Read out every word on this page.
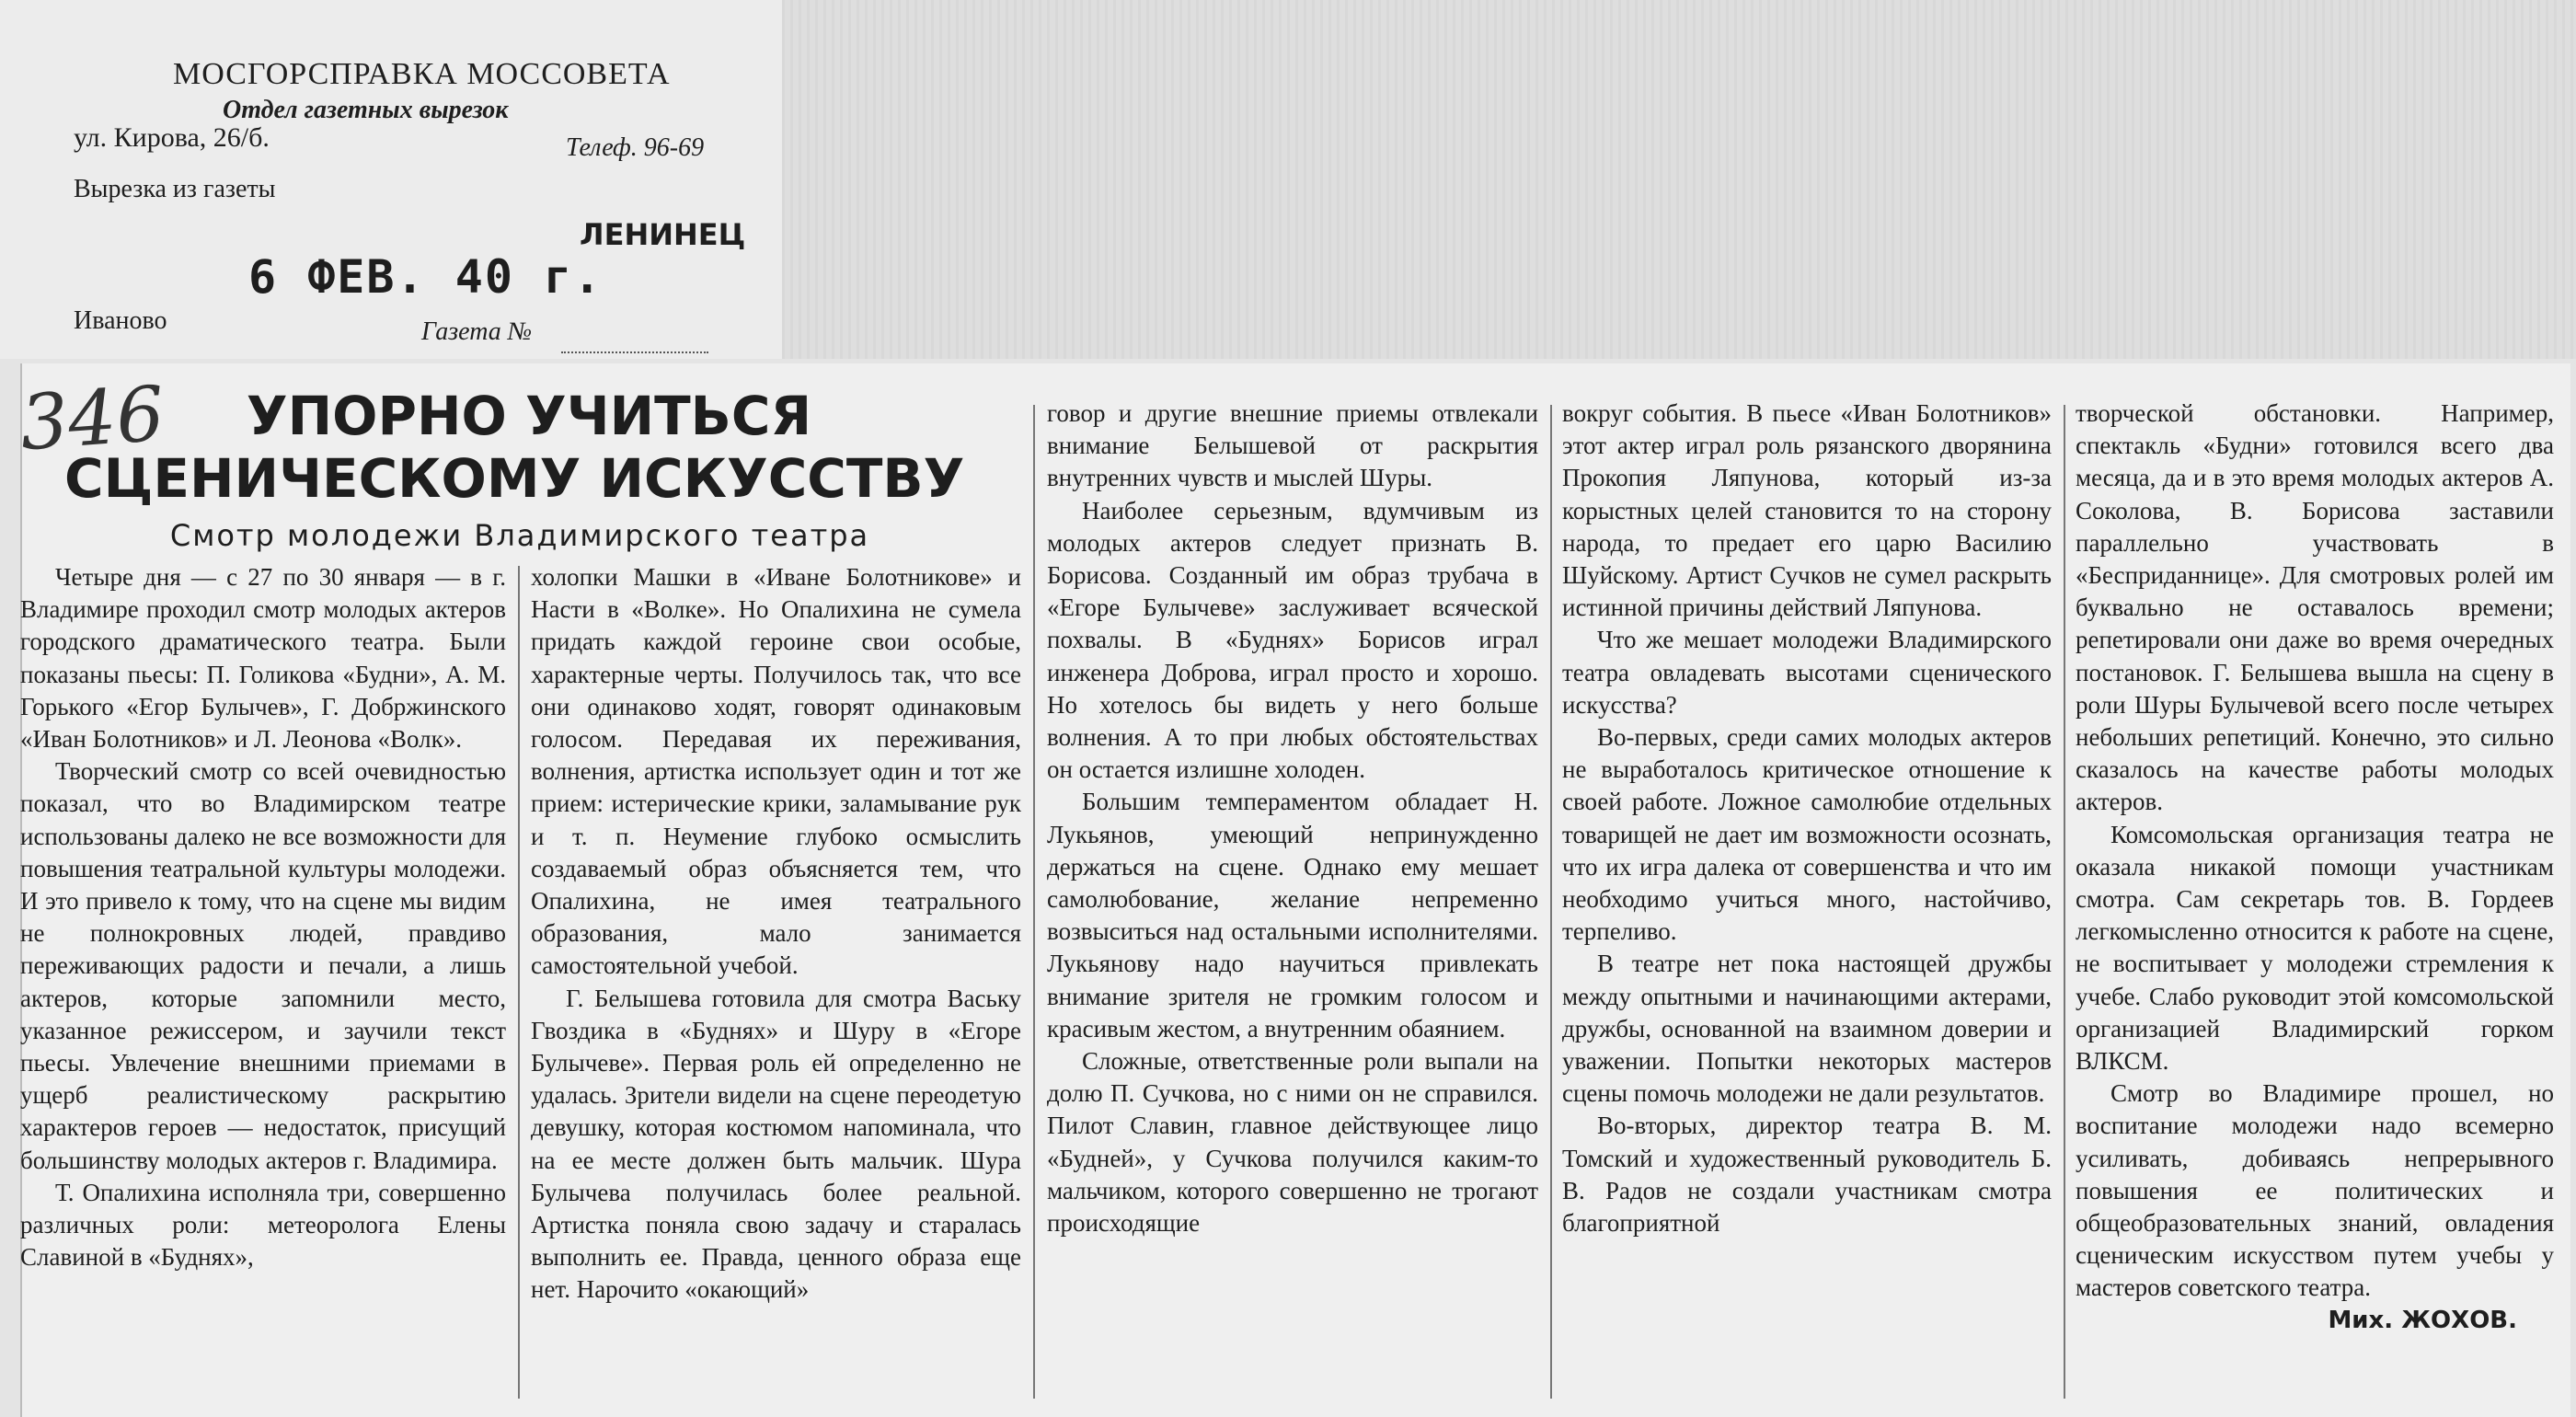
МОСГОРСПРАВКА МОССОВЕТА
Отдел газетных вырезок
ул. Кирова, 26/б.	Телеф. 96-69
Вырезка из газеты
ЛЕНИНЕЦ
6 ФЕВ. 40 г.
Иваново	Газета №
346	УПОРНО УЧИТЬСЯ
СЦЕНИЧЕСКОМУ ИСКУССТВУ
Смотр молодежи Владимирского театра

Четыре дня — с 27 по 30 января — в г. Владимире проходил смотр молодых актеров городского драматического театра. Были показаны пьесы: П. Голикова «Будни», А. М. Горького «Егор Булычев», Г. Добржинского «Иван Болотников» и Л. Леонова «Волк».

Творческий смотр со всей очевидностью показал, что во Владимирском театре использованы далеко не все возможности для повышения театральной культуры молодежи. И это привело к тому, что на сцене мы видим не полнокровных людей, правдиво переживающих радости и печали, а лишь актеров, которые запомнили место, указанное режиссером, и заучили текст пьесы. Увлечение внешними приемами в ущерб реалистическому раскрытию характеров героев — недостаток, присущий большинству молодых актеров г. Владимира.

Т. Опалихина исполняла три, совершенно различных роли: метеоролога Елены Славиной в «Буднях»,

холопки Машки в «Иване Болотникове» и Насти в «Волке». Но Опалихина не сумела придать каждой героине свои особые, характерные черты. Получилось так, что все они одинаково ходят, говорят одинаковым голосом. Передавая их переживания, волнения, артистка использует один и тот же прием: истерические крики, заламывание рук и т. п. Неумение глубоко осмыслить создаваемый образ объясняется тем, что Опалихина, не имея театрального образования, мало занимается самостоятельной учебой.

Г. Белышева готовила для смотра Ваську Гвоздика в «Буднях» и Шуру в «Егоре Булычеве». Первая роль ей определенно не удалась. Зрители видели на сцене переодетую девушку, которая костюмом напоминала, что на ее месте должен быть мальчик. Шура Булычева получилась более реальной. Артистка поняла свою задачу и старалась выполнить ее. Правда, ценного образа еще нет. Нарочито «окающий»

говор и другие внешние приемы отвлекали внимание Белышевой от раскрытия внутренних чувств и мыслей Шуры.

Наиболее серьезным, вдумчивым из молодых актеров следует признать В. Борисова. Созданный им образ трубача в «Егоре Булычеве» заслуживает всяческой похвалы. В «Буднях» Борисов играл инженера Доброва, играл просто и хорошо. Но хотелось бы видеть у него больше волнения. А то при любых обстоятельствах он остается излишне холоден.

Большим темпераментом обладает Н. Лукьянов, умеющий непринужденно держаться на сцене. Однако ему мешает самолюбование, желание непременно возвыситься над остальными исполнителями. Лукьянову надо научиться привлекать внимание зрителя не громким голосом и красивым жестом, а внутренним обаянием.

Сложные, ответственные роли выпали на долю П. Сучкова, но с ними он не справился. Пилот Славин, главное действующее лицо «Будней», у Сучкова получился каким-то мальчиком, которого совершенно не трогают происходящие

вокруг события. В пьесе «Иван Болотников» этот актер играл роль рязанского дворянина Прокопия Ляпунова, который из-за корыстных целей становится то на сторону народа, то предает его царю Василию Шуйскому. Артист Сучков не сумел раскрыть истинной причины действий Ляпунова.

Что же мешает молодежи Владимирского театра овладевать высотами сценического искусства?

Во-первых, среди самих молодых актеров не выработалось критическое отношение к своей работе. Ложное самолюбие отдельных товарищей не дает им возможности осознать, что их игра далека от совершенства и что им необходимо учиться много, настойчиво, терпеливо.

В театре нет пока настоящей дружбы между опытными и начинающими актерами, дружбы, основанной на взаимном доверии и уважении. Попытки некоторых мастеров сцены помочь молодежи не дали результатов.

Во-вторых, директор театра В. М. Томский и художественный руководитель Б. В. Радов не создали участникам смотра благоприятной

творческой обстановки. Например, спектакль «Будни» готовился всего два месяца, да и в это время молодых актеров А. Соколова, В. Борисова заставили параллельно участвовать в «Бесприданнице». Для смотровых ролей им буквально не оставалось времени; репетировали они даже во время очередных постановок. Г. Белышева вышла на сцену в роли Шуры Булычевой всего после четырех небольших репетиций. Конечно, это сильно сказалось на качестве работы молодых актеров.

Комсомольская организация театра не оказала никакой помощи участникам смотра. Сам секретарь тов. В. Гордеев легкомысленно относится к работе на сцене, не воспитывает у молодежи стремления к учебе. Слабо руководит этой комсомольской организацией Владимирский горком ВЛКСМ.

Смотр во Владимире прошел, но воспитание молодежи надо всемерно усиливать, добиваясь непрерывного повышения ее политических и общеобразовательных знаний, овладения сценическим искусством путем учебы у мастеров советского театра.

Мих. ЖОХОВ.
